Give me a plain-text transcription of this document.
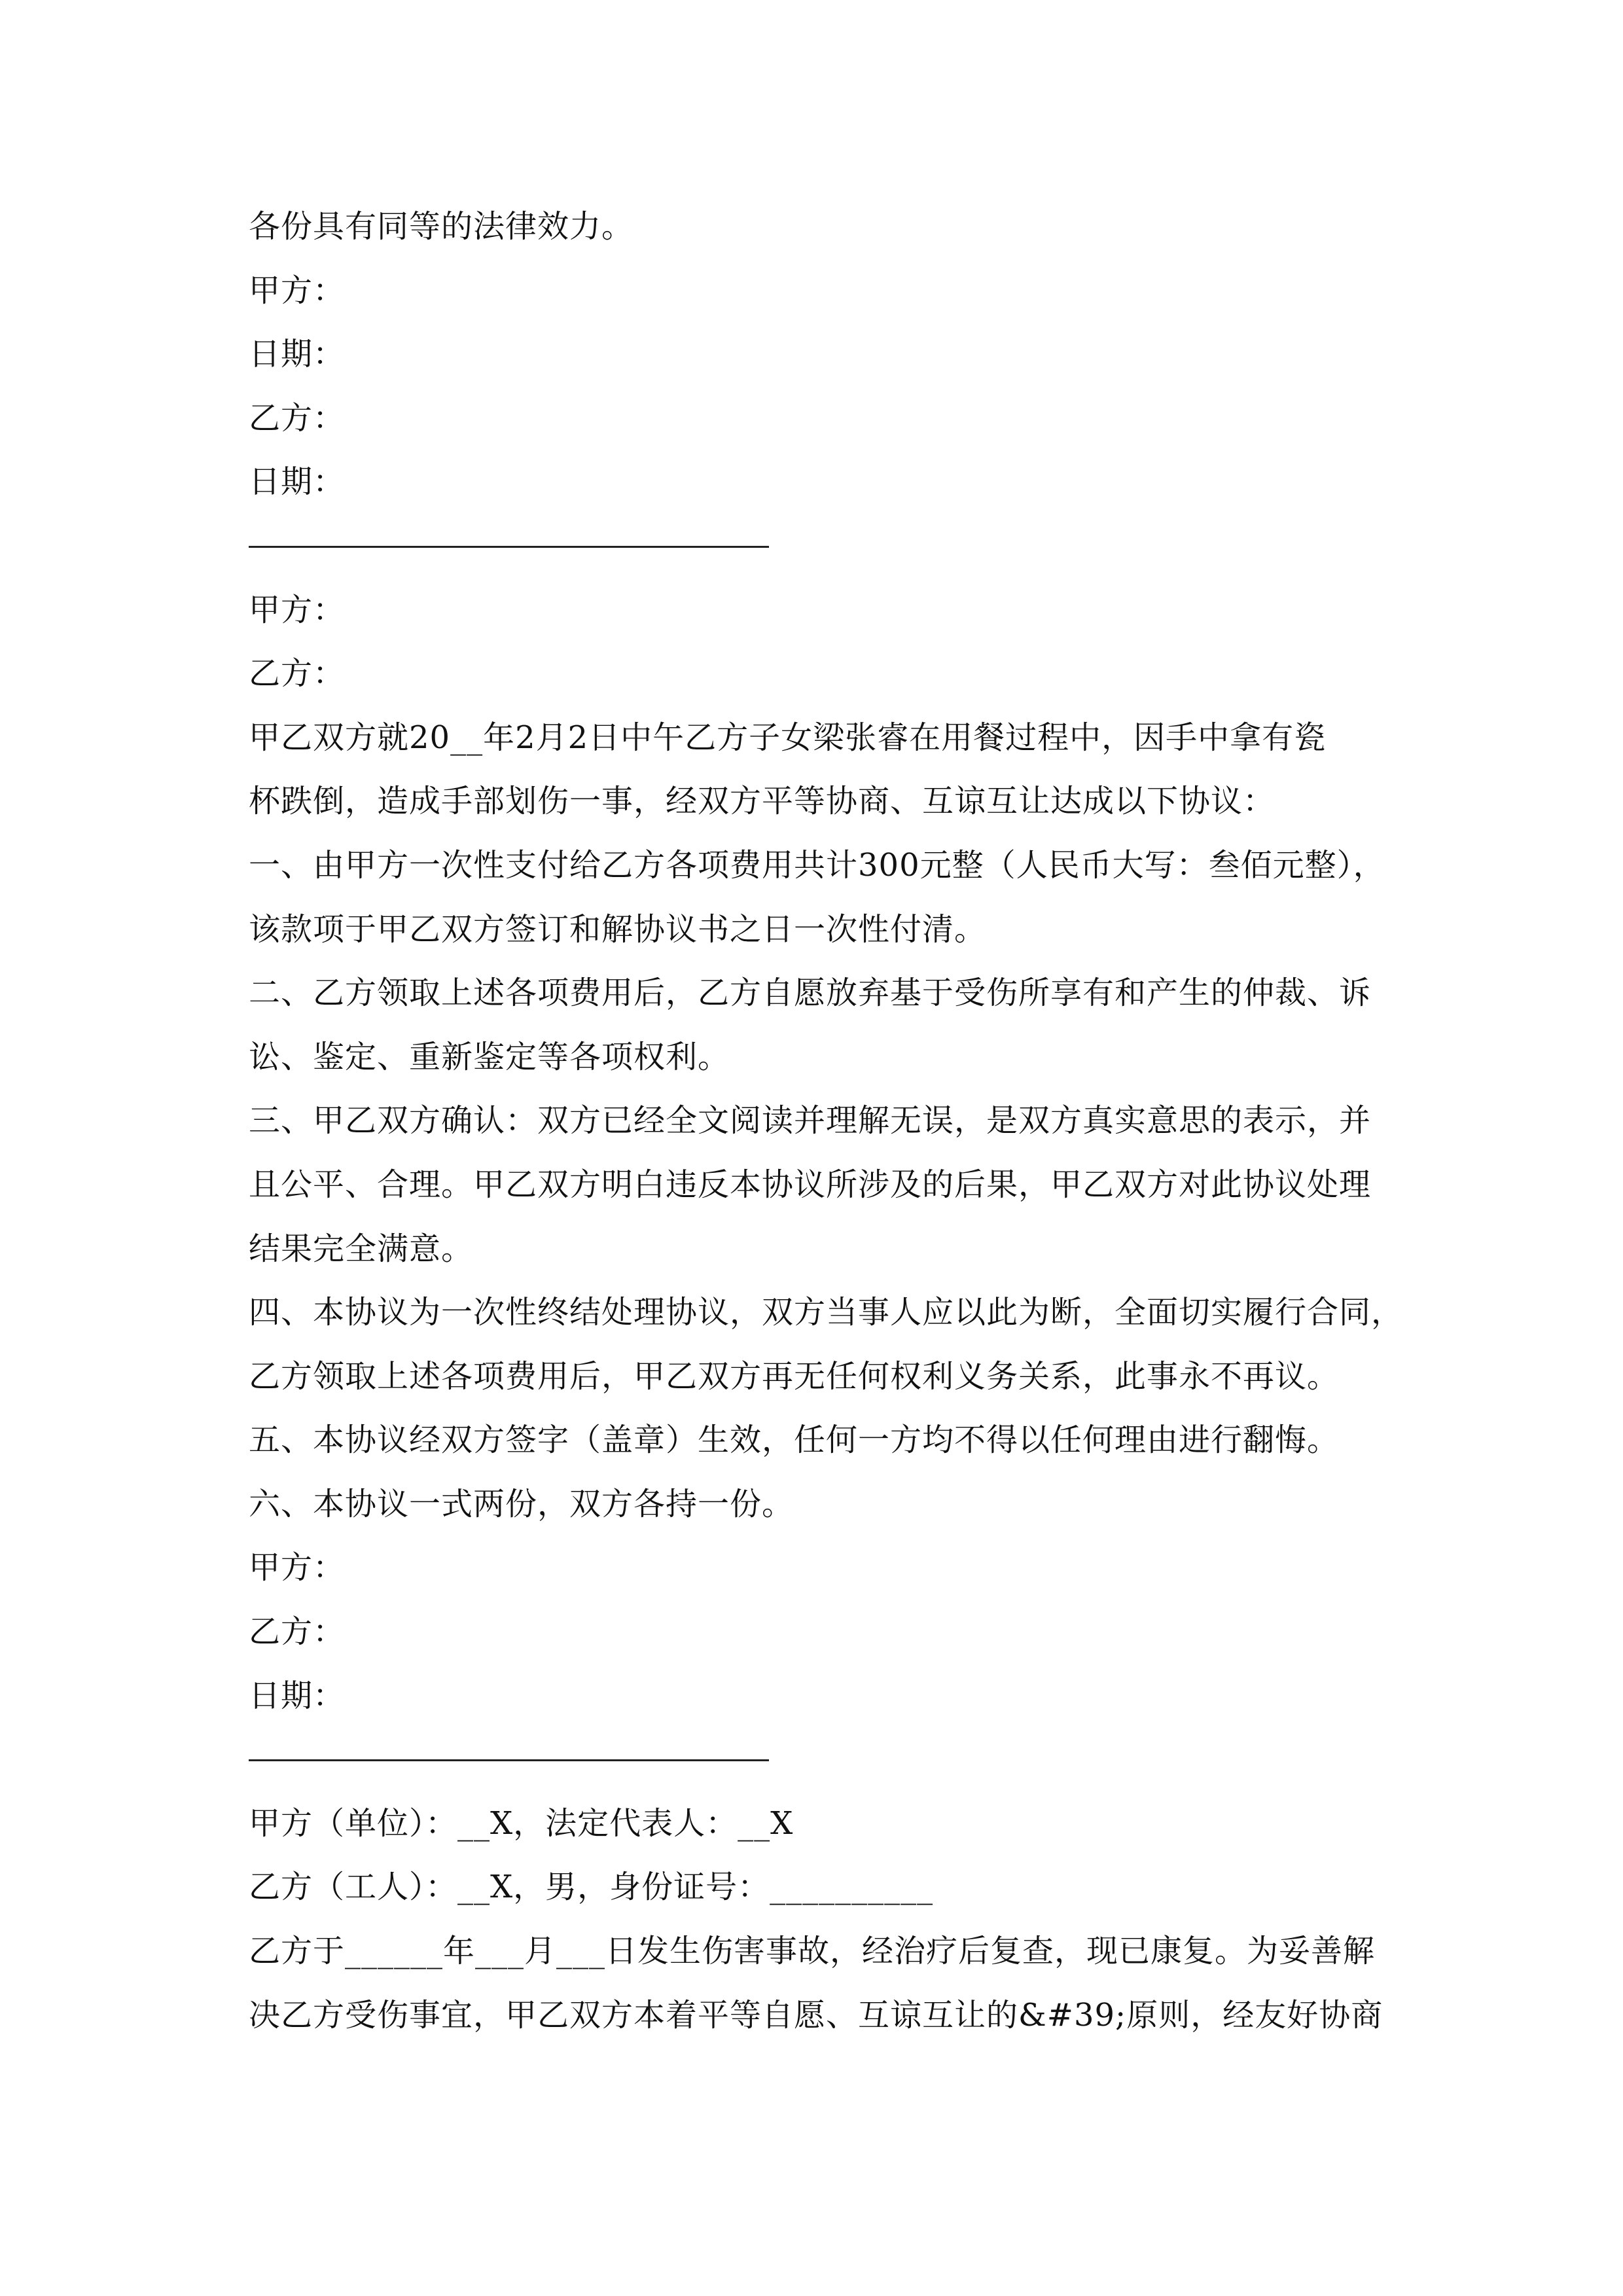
各份具有同等的法律效力。
甲方：
日期：
乙方：
日期：
甲方：
乙方：
甲乙双方就20__年2月2日中午乙方子女梁张睿在用餐过程中，因手中拿有瓷
杯跌倒，造成手部划伤一事，经双方平等协商、互谅互让达成以下协议：
一、由甲方一次性支付给乙方各项费用共计300元整（人民币大写：叁佰元整），
该款项于甲乙双方签订和解协议书之日一次性付清。
二、乙方领取上述各项费用后，乙方自愿放弃基于受伤所享有和产生的仲裁、诉
讼、鉴定、重新鉴定等各项权利。
三、甲乙双方确认：双方已经全文阅读并理解无误，是双方真实意思的表示，并
且公平、合理。甲乙双方明白违反本协议所涉及的后果，甲乙双方对此协议处理
结果完全满意。
四、本协议为一次性终结处理协议，双方当事人应以此为断，全面切实履行合同，
乙方领取上述各项费用后，甲乙双方再无任何权利义务关系，此事永不再议。
五、本协议经双方签字（盖章）生效，任何一方均不得以任何理由进行翻悔。
六、本协议一式两份，双方各持一份。
甲方：
乙方：
日期：
甲方（单位）：__X，法定代表人：__X
乙方（工人）：__X，男，身份证号：__________
乙方于______年___月___日发生伤害事故，经治疗后复查，现已康复。为妥善解
决乙方受伤事宜，甲乙双方本着平等自愿、互谅互让的&#39;原则，经友好协商
